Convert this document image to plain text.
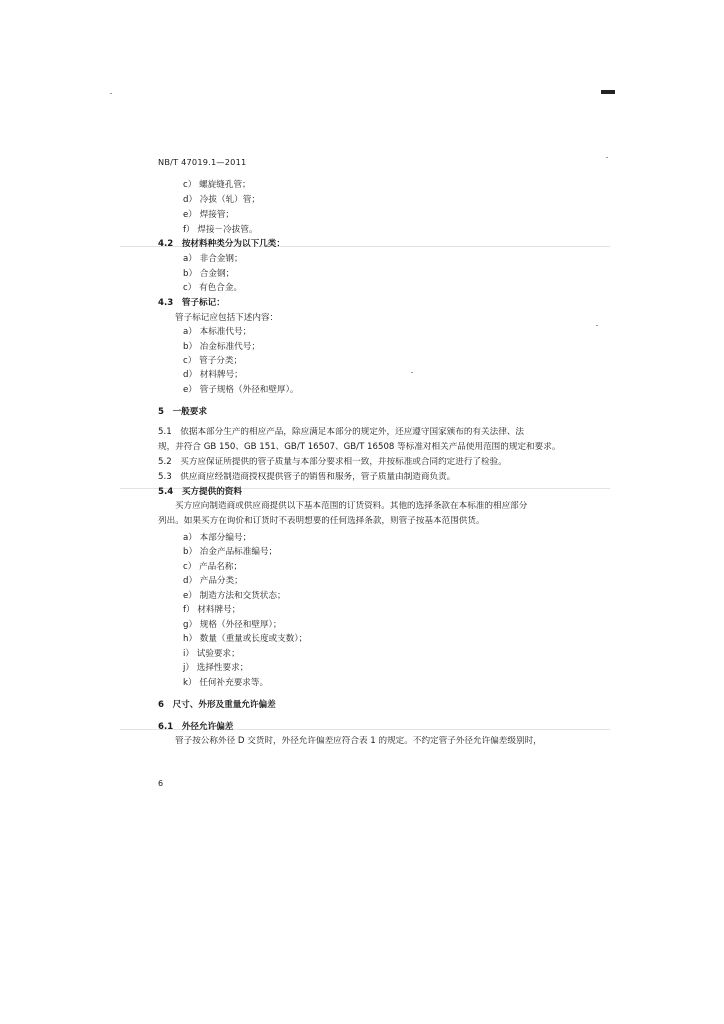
NB/T 47019.1—2011
c） 螺旋缝孔管；
d） 冷拔（轧）管；
e） 焊接管；
f） 焊接－冷拔管。
4.2　按材料种类分为以下几类：
a） 非合金钢；
b） 合金钢；
c） 有色合金。
4.3　管子标记：
管子标记应包括下述内容：
a） 本标准代号；
b） 冶金标准代号；
c） 管子分类；
d） 材料牌号；
e） 管子规格（外径和壁厚）。
5　一般要求
5.1　依据本部分生产的相应产品，除应满足本部分的规定外，还应遵守国家颁布的有关法律、法
规，并符合 GB 150、GB 151、GB/T 16507、GB/T 16508 等标准对相关产品使用范围的规定和要求。
5.2　买方应保证所提供的管子质量与本部分要求相一致，并按标准或合同约定进行了检验。
5.3　供应商应经制造商授权提供管子的销售和服务，管子质量由制造商负责。
5.4　买方提供的资料
买方应向制造商或供应商提供以下基本范围的订货资料。其他的选择条款在本标准的相应部分
列出。如果买方在询价和订货时不表明想要的任何选择条款，则管子按基本范围供货。
a） 本部分编号；
b） 冶金产品标准编号；
c） 产品名称；
d） 产品分类；
e） 制造方法和交货状态；
f） 材料牌号；
g） 规格（外径和壁厚）；
h） 数量（重量或长度或支数）；
i） 试验要求；
j） 选择性要求；
k） 任何补充要求等。
6　尺寸、外形及重量允许偏差
6.1　外径允许偏差
管子按公称外径 D 交货时，外径允许偏差应符合表 1 的规定。不约定管子外径允许偏差级别时，
6
